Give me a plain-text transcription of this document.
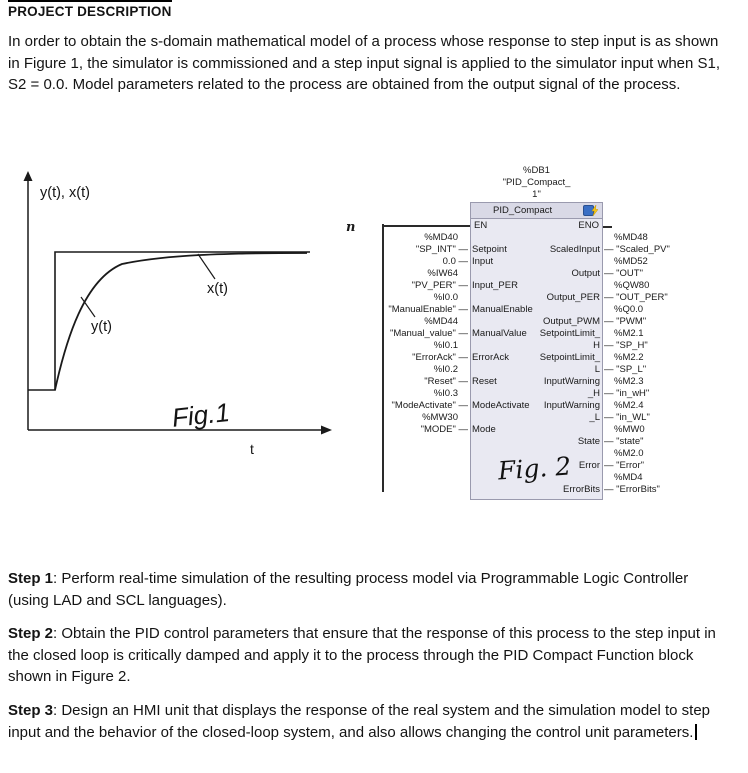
PROJECT DESCRIPTION

In order to obtain the s-domain mathematical model of a process whose response to step input is as shown in Figure 1, the simulator is commissioned and a step input signal is applied to the simulator input when S1, S2 = 0.0. Model parameters related to the process are obtained from the output signal of the process.

y(t), x(t)
x(t)
y(t)
t
Fig.1
n
%DB1
"PID_Compact_
1"
PID_Compact
EN	ENO
%MD40
"SP_INT" — Setpoint
0.0 — Input
%IW64
"PV_PER" — Input_PER
%I0.0
"ManualEnable" — ManualEnable
%MD44
"Manual_value" — ManualValue
%I0.1
"ErrorAck" — ErrorAck
%I0.2
"Reset" — Reset
%I0.3
"ModeActivate" — ModeActivate
%MW30
"MODE" — Mode
%MD48
ScaledInput — "Scaled_PV"
%MD52
Output — "OUT"
%QW80
Output_PER — "OUT_PER"
%Q0.0
Output_PWM — "PWM"
SetpointLimit_	%M2.1
H — "SP_H"
SetpointLimit_	%M2.2
L — "SP_L"
InputWarning	%M2.3
_H — "in_wH"
InputWarning	%M2.4
_L — "in_WL"
%MW0
State — "state"
%M2.0
Error — "Error"
%MD4
ErrorBits — "ErrorBits"
Fig. 2

Step 1: Perform real-time simulation of the resulting process model via Programmable Logic Controller (using LAD and SCL languages).

Step 2: Obtain the PID control parameters that ensure that the response of this process to the step input in the closed loop is critically damped and apply it to the process through the PID Compact Function block shown in Figure 2.

Step 3: Design an HMI unit that displays the response of the real system and the simulation model to step input and the behavior of the closed-loop system, and also allows changing the control unit parameters.
